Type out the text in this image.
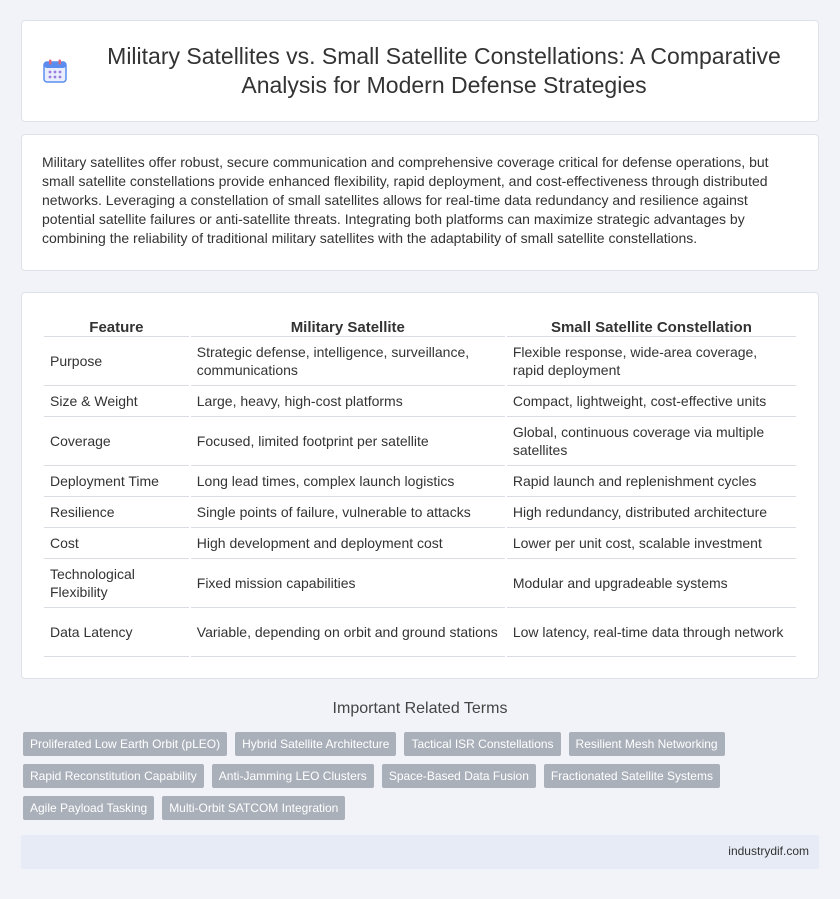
Military Satellites vs. Small Satellite Constellations: A Comparative Analysis for Modern Defense Strategies

Military satellites offer robust, secure communication and comprehensive coverage critical for defense operations, but small satellite constellations provide enhanced flexibility, rapid deployment, and cost-effectiveness through distributed networks. Leveraging a constellation of small satellites allows for real-time data redundancy and resilience against potential satellite failures or anti-satellite threats. Integrating both platforms can maximize strategic advantages by combining the reliability of traditional military satellites with the adaptability of small satellite constellations.

Feature	Military Satellite	Small Satellite Constellation
Purpose	Strategic defense, intelligence, surveillance, communications	Flexible response, wide-area coverage, rapid deployment
Size & Weight	Large, heavy, high-cost platforms	Compact, lightweight, cost-effective units
Coverage	Focused, limited footprint per satellite	Global, continuous coverage via multiple satellites
Deployment Time	Long lead times, complex launch logistics	Rapid launch and replenishment cycles
Resilience	Single points of failure, vulnerable to attacks	High redundancy, distributed architecture
Cost	High development and deployment cost	Lower per unit cost, scalable investment
Technological Flexibility	Fixed mission capabilities	Modular and upgradeable systems
Data Latency	Variable, depending on orbit and ground stations	Low latency, real-time data through network
Important Related Terms
Proliferated Low Earth Orbit (pLEO)	Hybrid Satellite Architecture	Tactical ISR Constellations	Resilient Mesh Networking
Rapid Reconstitution Capability	Anti-Jamming LEO Clusters	Space-Based Data Fusion	Fractionated Satellite Systems
Agile Payload Tasking	Multi-Orbit SATCOM Integration
industrydif.com
